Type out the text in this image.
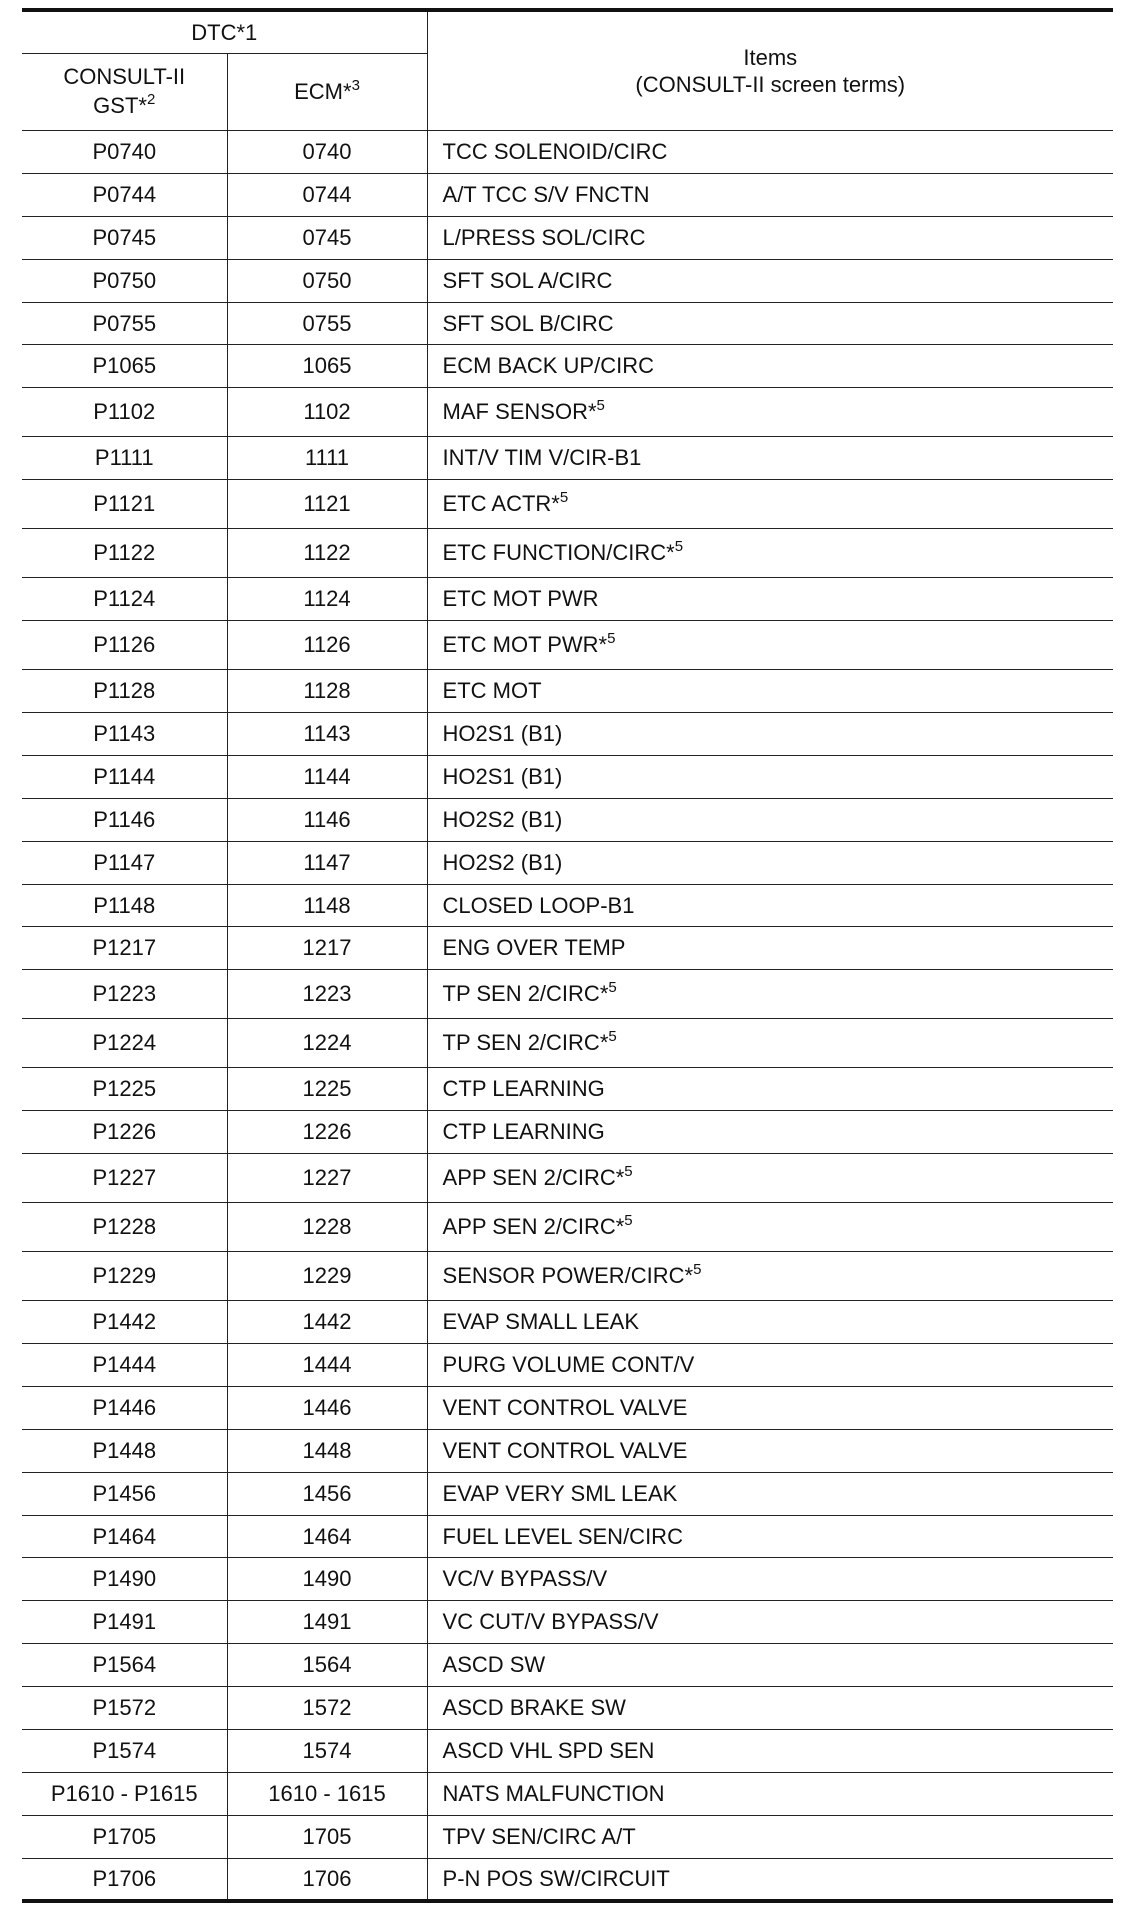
DTC*1		Items
(CONSULT-II screen terms)
CONSULT-II
GST*$^2$	ECM*$^3$
P0740	0740	TCC SOLENOID/CIRC
P0744	0744	A/T TCC S/V FNCTN
P0745	0745	L/PRESS SOL/CIRC
P0750	0750	SFT SOL A/CIRC
P0755	0755	SFT SOL B/CIRC
P1065	1065	ECM BACK UP/CIRC
P1102	1102	MAF SENSOR*$^5$
P1111	1111	INT/V TIM V/CIR-B1
P1121	1121	ETC ACTR*$^5$
P1122	1122	ETC FUNCTION/CIRC*$^5$
P1124	1124	ETC MOT PWR
P1126	1126	ETC MOT PWR*$^5$
P1128	1128	ETC MOT
P1143	1143	HO2S1 (B1)
P1144	1144	HO2S1 (B1)
P1146	1146	HO2S2 (B1)
P1147	1147	HO2S2 (B1)
P1148	1148	CLOSED LOOP-B1
P1217	1217	ENG OVER TEMP
P1223	1223	TP SEN 2/CIRC*$^5$
P1224	1224	TP SEN 2/CIRC*$^5$
P1225	1225	CTP LEARNING
P1226	1226	CTP LEARNING
P1227	1227	APP SEN 2/CIRC*$^5$
P1228	1228	APP SEN 2/CIRC*$^5$
P1229	1229	SENSOR POWER/CIRC*$^5$
P1442	1442	EVAP SMALL LEAK
P1444	1444	PURG VOLUME CONT/V
P1446	1446	VENT CONTROL VALVE
P1448	1448	VENT CONTROL VALVE
P1456	1456	EVAP VERY SML LEAK
P1464	1464	FUEL LEVEL SEN/CIRC
P1490	1490	VC/V BYPASS/V
P1491	1491	VC CUT/V BYPASS/V
P1564	1564	ASCD SW
P1572	1572	ASCD BRAKE SW
P1574	1574	ASCD VHL SPD SEN
P1610 - P1615	1610 - 1615	NATS MALFUNCTION
P1705	1705	TPV SEN/CIRC A/T
P1706	1706	P-N POS SW/CIRCUIT
